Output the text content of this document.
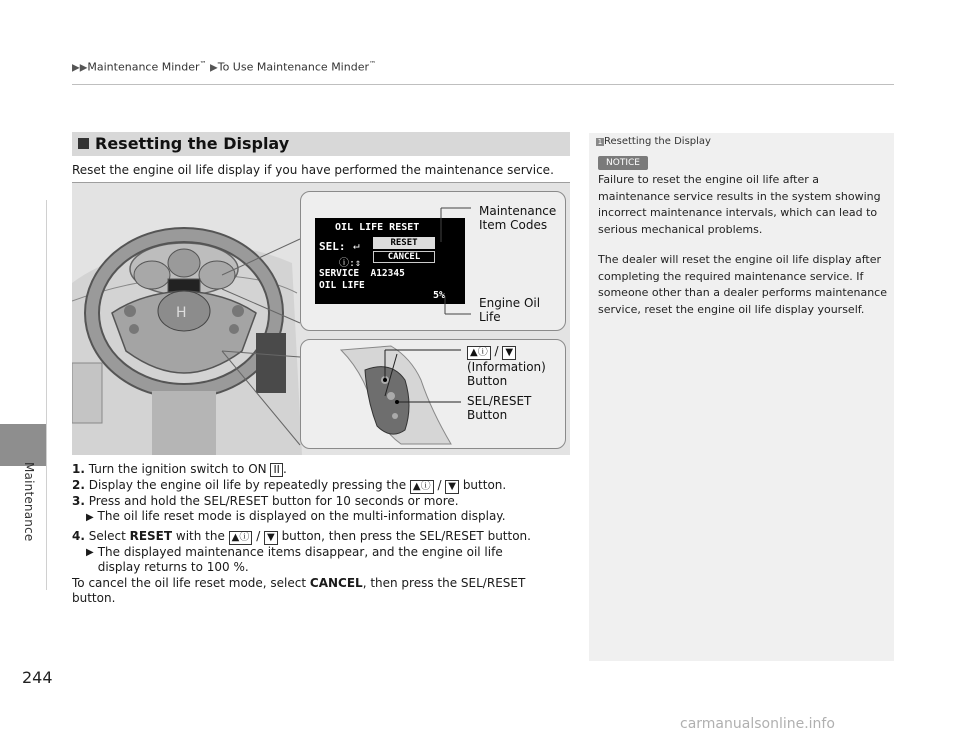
▶▶Maintenance Minder™ ▶To Use Maintenance Minder™
Maintenance
244
Resetting the Display
Reset the engine oil life display if you have performed the maintenance service.
H
OIL LIFE RESET
SEL: ↵
ⓘ:⇕
RESET
CANCEL
SERVICE  A12345
OIL LIFE
5%
Maintenance
Item Codes
Engine Oil
Life
▲ⓘ / ▼
(Information)
Button
SEL/RESET
Button

1. Turn the ignition switch to ON II .

2. Display the engine oil life by repeatedly pressing the ▲ⓘ / ▼ button.

3. Press and hold the SEL/RESET button for 10 seconds or more.

▶ The oil life reset mode is displayed on the multi-information display.

4. Select RESET with the ▲ⓘ / ▼ button, then press the SEL/RESET button.

▶ The displayed maintenance items disappear, and the engine oil life display returns to 100 %.

To cancel the oil life reset mode, select CANCEL, then press the SEL/RESET button.

1 Resetting the Display
NOTICE

Failure to reset the engine oil life after a maintenance service results in the system showing incorrect maintenance intervals, which can lead to serious mechanical problems.

The dealer will reset the engine oil life display after completing the required maintenance service. If someone other than a dealer performs maintenance service, reset the engine oil life display yourself.

carmanualsonline.info
